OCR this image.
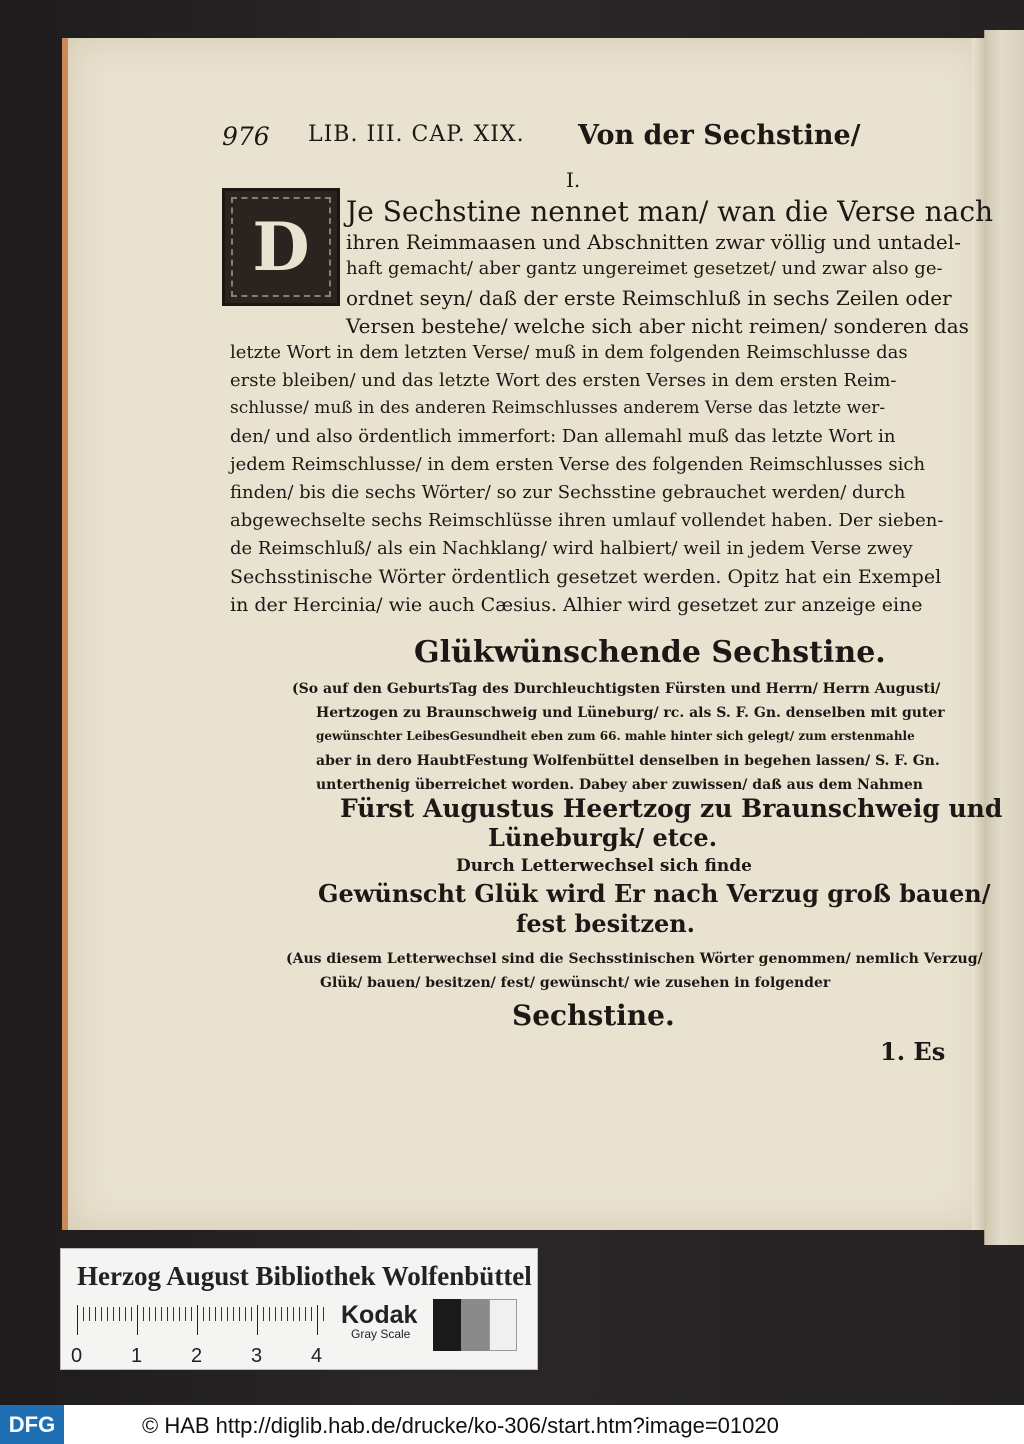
976 LIB. III. CAP. XIX. Von der Sechstine/
I.
D	Je Sechstine nennet man/ wan die Verse nach
ihren Reimmaasen und Abschnitten zwar völlig und untadel-
haft gemacht/ aber gantz ungereimet gesetzet/ und zwar also ge-
ordnet seyn/ daß der erste Reimschluß in sechs Zeilen oder
Versen bestehe/ welche sich aber nicht reimen/ sonderen das
letzte Wort in dem letzten Verse/ muß in dem folgenden Reimschlusse das
erste bleiben/ und das letzte Wort des ersten Verses in dem ersten Reim-
schlusse/ muß in des anderen Reimschlusses anderem Verse das letzte wer-
den/ und also ördentlich immerfort: Dan allemahl muß das letzte Wort in
jedem Reimschlusse/ in dem ersten Verse des folgenden Reimschlusses sich
finden/ bis die sechs Wörter/ so zur Sechsstine gebrauchet werden/ durch
abgewechselte sechs Reimschlüsse ihren umlauf vollendet haben. Der sieben-
de Reimschluß/ als ein Nachklang/ wird halbiert/ weil in jedem Verse zwey
Sechsstinische Wörter ördentlich gesetzet werden. Opitz hat ein Exempel
in der Hercinia/ wie auch Cæsius. Alhier wird gesetzet zur anzeige eine
Glükwünschende Sechstine.
(So auf den GeburtsTag des Durchleuchtigsten Fürsten und Herrn/ Herrn Augusti/
Hertzogen zu Braunschweig und Lüneburg/ rc. als S. F. Gn. denselben mit guter
gewünschter LeibesGesundheit eben zum 66. mahle hinter sich gelegt/ zum erstenmahle
aber in dero HaubtFestung Wolfenbüttel denselben in begehen lassen/ S. F. Gn.
unterthenig überreichet worden. Dabey aber zuwissen/ daß aus dem Nahmen
Fürst Augustus Heertzog zu Braunschweig und
Lüneburgk/ etce.
Durch Letterwechsel sich finde
Gewünscht Glük wird Er nach Verzug groß bauen/
fest besitzen.
(Aus diesem Letterwechsel sind die Sechsstinischen Wörter genommen/ nemlich Verzug/
Glük/ bauen/ besitzen/ fest/ gewünscht/ wie zusehen in folgender
Sechstine.
1. Es
Herzog August Bibliothek Wolfenbüttel
0 1 2 3 4
Kodak
Gray Scale
DFG	© HAB http://diglib.hab.de/drucke/ko-306/start.htm?image=01020
